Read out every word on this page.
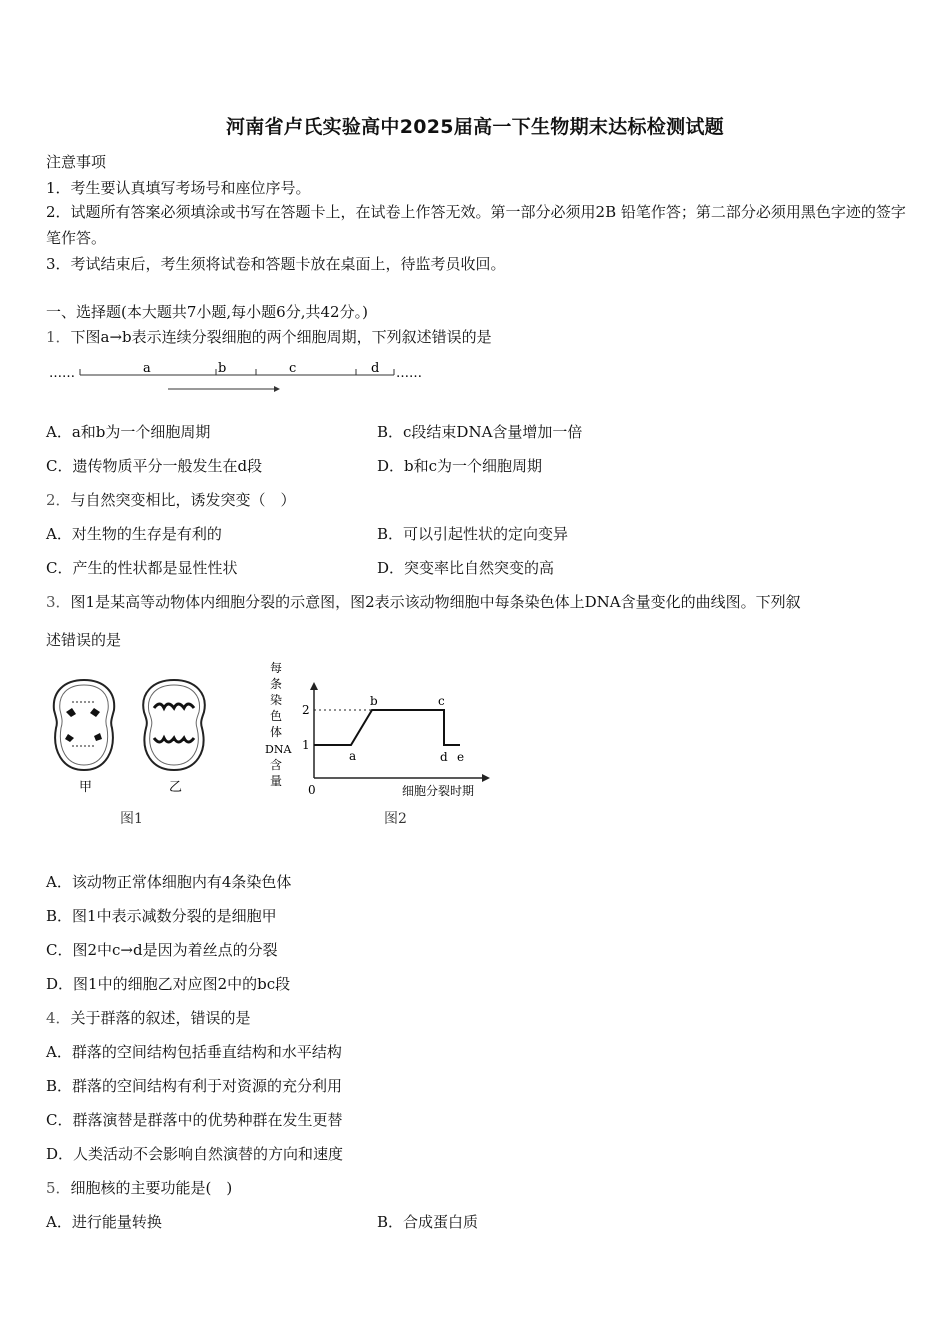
河南省卢氏实验高中2025届高一下生物期末达标检测试题
注意事项
1．考生要认真填写考场号和座位序号。
2．试题所有答案必须填涂或书写在答题卡上，在试卷上作答无效。第一部分必须用2B 铅笔作答；第二部分必须用黑色字迹的签字笔作答。
3．考试结束后，考生须将试卷和答题卡放在桌面上，待监考员收回。
一、选择题(本大题共7小题,每小题6分,共42分。)
1．下图a→b表示连续分裂细胞的两个细胞周期，下列叙述错误的是
……	a	b	c	d ……
A．a和b为一个细胞周期	B．c段结束DNA含量增加一倍
C．遗传物质平分一般发生在d段	D．b和c为一个细胞周期
2．与自然突变相比，诱发突变（　）
A．对生物的生存是有利的	B．可以引起性状的定向变异
C．产生的性状都是显性性状	D．突变率比自然突变的高
3．图1是某高等动物体内细胞分裂的示意图，图2表示该动物细胞中每条染色体上DNA含量变化的曲线图。下列叙
述错误的是
甲	乙
图1
每
条
染
色
体
DNA
含
量
0
1
2
a
b	c
d e
细胞分裂时期
图2
A．该动物正常体细胞内有4条染色体
B．图1中表示减数分裂的是细胞甲
C．图2中c→d是因为着丝点的分裂
D．图1中的细胞乙对应图2中的bc段
4．关于群落的叙述，错误的是
A．群落的空间结构包括垂直结构和水平结构
B．群落的空间结构有利于对资源的充分利用
C．群落演替是群落中的优势种群在发生更替
D．人类活动不会影响自然演替的方向和速度
5．细胞核的主要功能是(　)
A．进行能量转换	B．合成蛋白质
